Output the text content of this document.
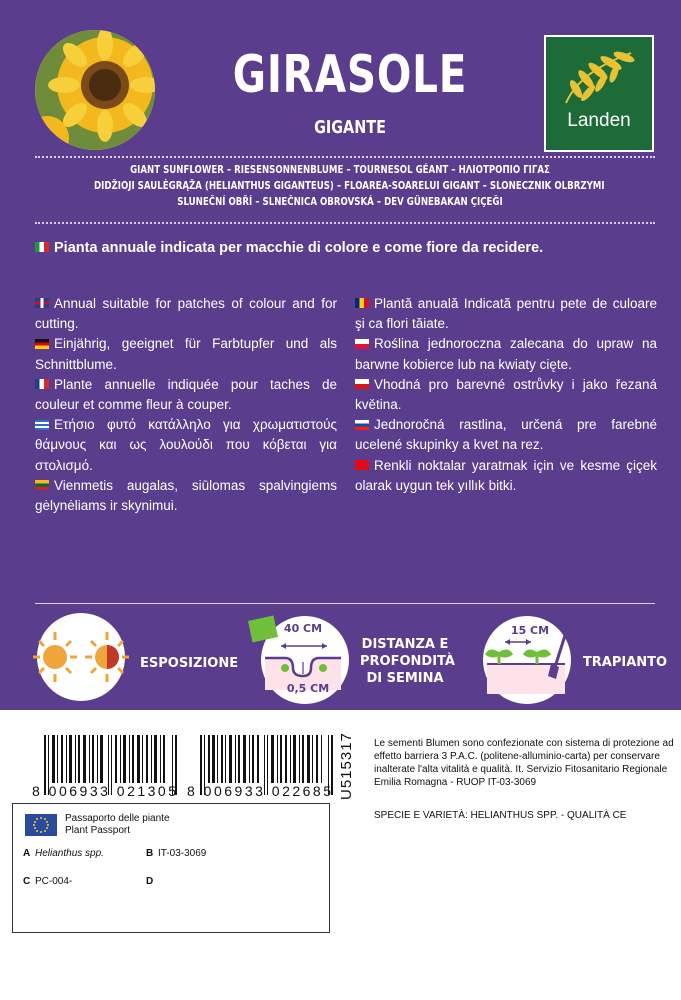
GIRASOLE
GIGANTE	Landen
GIANT SUNFLOWER – RIESENSONNENBLUME – TOURNESOL GÉANT – ΗΛΙΟΤΡΟΠΙΟ ΓΙΓΑΣ
DIDŽIOJI SAULĖGRĄŽA (HELIANTHUS GIGANTEUS) – FLOAREA-SOARELUI GIGANT – SLONECZNIK OLBRZYMI
SLUNEČNÍ OBŘÍ – SLNEČNICA OBROVSKÁ – DEV GÜNEBAKAN ÇIÇEĞI
Pianta annuale indicata per macchie di colore e come fiore da recidere.
Annual suitable for patches of colour and for cutting.
Einjährig, geeignet für Farbtupfer und als Schnittblume.
Plante annuelle indiquée pour taches de couleur et comme fleur à couper.
Ετήσιο φυτό κατάλληλο για χρωματιστούς θάμνους και ως λουλούδι που κόβεται για στολισμό.
Vienmetis augalas, siūlomas spalvingiems gėlynėliams ir skynimui.
Plantă anuală Indicată pentru pete de culoare şi ca flori tăiate.
Roślina jednoroczna zalecana do upraw na barwne kobierce lub na kwiaty cięte.
Vhodná pro barevné ostrůvky i jako řezaná květina.
Jednoročná rastlina, určená pre farebné ucelené skupinky a kvet na rez.
Renkli noktalar yaratmak için ve kesme çiçek olarak uygun tek yıllık bitki.
ESPOSIZIONE
40 CM
0,5 CM
DISTANZA E PROFONDITÀ DI SEMINA
15 CM
TRAPIANTO
8 006933 021305 8 006933 022685 U515317 Le sementi Blumen sono confezionate con sistema di protezione ad effetto barriera 3 P.A.C. (politene-alluminio-carta) per conservare inalterate l'alta vitalità e qualità. It. Servizio Fitosanitario Regionale Emilia Romagna - RUOP IT-03-3069
SPECIE E VARIETÀ: HELIANTHUS SPP. - QUALITÀ CE
Passaporto delle piante
Plant Passport
A Helianthus spp.	B IT-03-3069
C PC-004-	D
